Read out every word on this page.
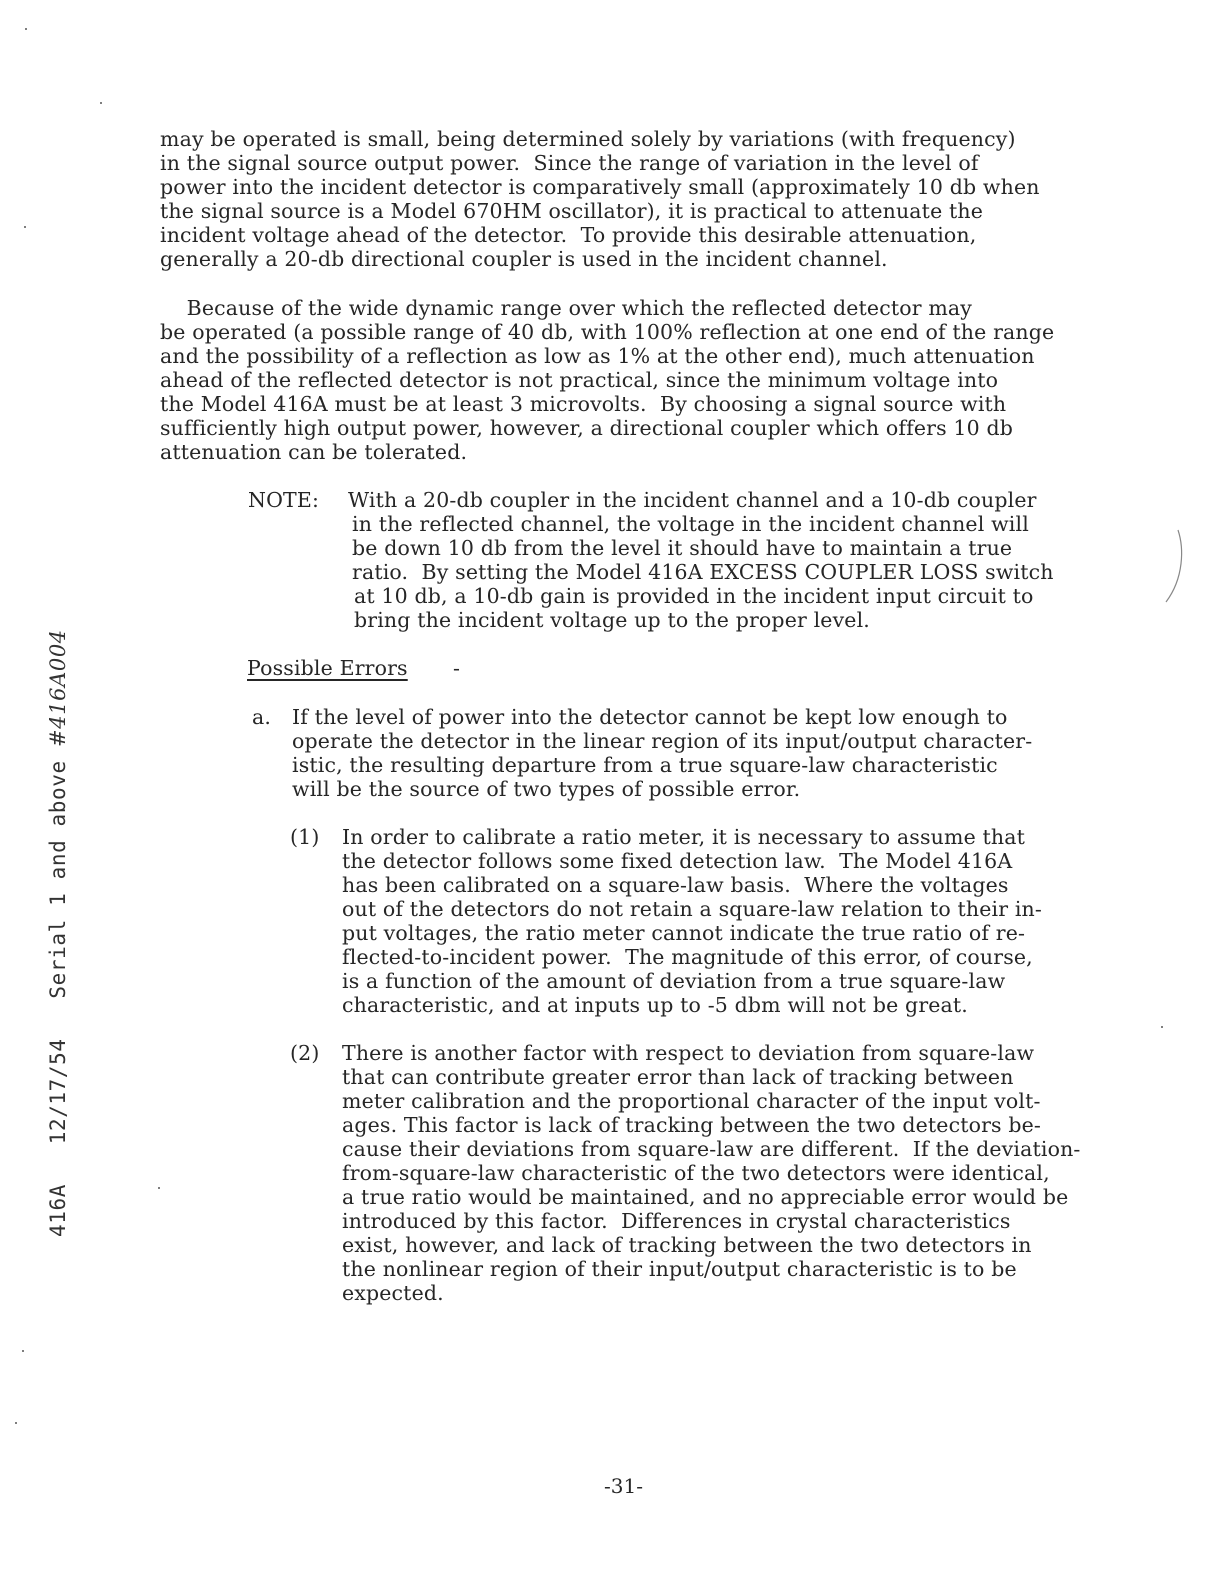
may be operated is small, being determined solely by variations (with frequency)
in the signal source output power.  Since the range of variation in the level of
power into the incident detector is comparatively small (approximately 10 db when
the signal source is a Model 670HM oscillator), it is practical to attenuate the
incident voltage ahead of the detector.  To provide this desirable attenuation,
generally a 20-db directional coupler is used in the incident channel.
Because of the wide dynamic range over which the reflected detector may
be operated (a possible range of 40 db, with 100% reflection at one end of the range
and the possibility of a reflection as low as 1% at the other end), much attenuation
ahead of the reflected detector is not practical, since the minimum voltage into
the Model 416A must be at least 3 microvolts.  By choosing a signal source with
sufficiently high output power, however, a directional coupler which offers 10 db
attenuation can be tolerated.
NOTE: With a 20-db coupler in the incident channel and a 10-db coupler
in the reflected channel, the voltage in the incident channel will
be down 10 db from the level it should have to maintain a true
ratio.  By setting the Model 416A EXCESS COUPLER LOSS switch
at 10 db, a 10-db gain is provided in the incident input circuit to
bring the incident voltage up to the proper level.
Possible Errors -
a. If the level of power into the detector cannot be kept low enough to
operate the detector in the linear region of its input/output character-
istic, the resulting departure from a true square-law characteristic
will be the source of two types of possible error.
(1) In order to calibrate a ratio meter, it is necessary to assume that
the detector follows some fixed detection law.  The Model 416A
has been calibrated on a square-law basis.  Where the voltages
out of the detectors do not retain a square-law relation to their in-
put voltages, the ratio meter cannot indicate the true ratio of re-
flected-to-incident power.  The magnitude of this error, of course,
is a function of the amount of deviation from a true square-law
characteristic, and at inputs up to -5 dbm will not be great.
(2) There is another factor with respect to deviation from square-law
that can contribute greater error than lack of tracking between
meter calibration and the proportional character of the input volt-
ages. This factor is lack of tracking between the two detectors be-
cause their deviations from square-law are different.  If the deviation-
from-square-law characteristic of the two detectors were identical,
a true ratio would be maintained, and no appreciable error would be
introduced by this factor.  Differences in crystal characteristics
exist, however, and lack of tracking between the two detectors in
the nonlinear region of their input/output characteristic is to be
expected.

416A   12/17/54   Serial 1 and above #416A004

-31-
